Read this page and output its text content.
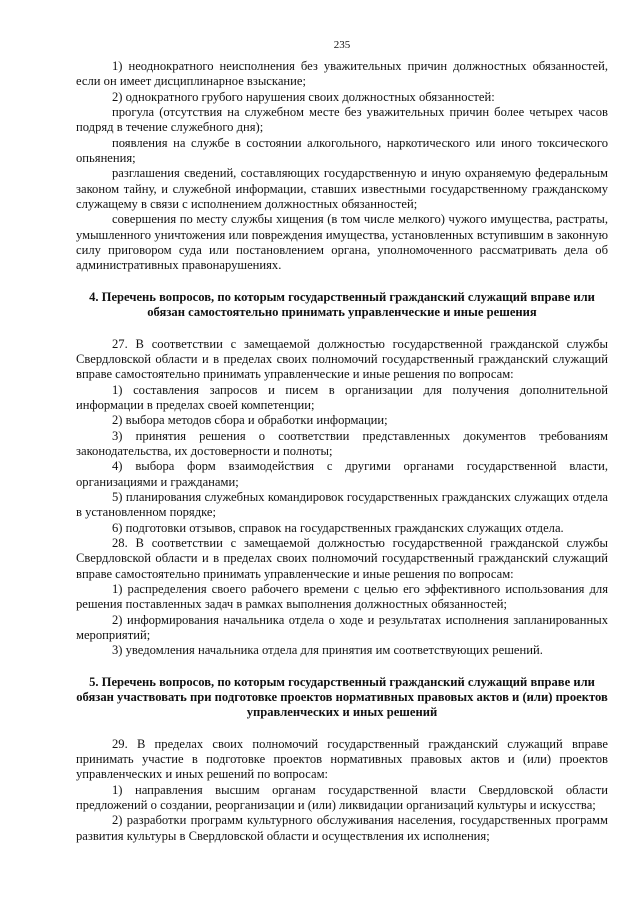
235

1) неоднократного неисполнения без уважительных причин должностных обязанностей, если он имеет дисциплинарное взыскание;

2) однократного грубого нарушения своих должностных обязанностей:

прогула (отсутствия на служебном месте без уважительных причин более четырех часов подряд в течение служебного дня);

появления на службе в состоянии алкогольного, наркотического или иного токсического опьянения;

разглашения сведений, составляющих государственную и иную охраняемую федеральным законом тайну, и служебной информации, ставших известными государственному гражданскому служащему в связи с исполнением должностных обязанностей;

совершения по месту службы хищения (в том числе мелкого) чужого имущества, растраты, умышленного уничтожения или повреждения имущества, установленных вступившим в законную силу приговором суда или постановлением органа, уполномоченного рассматривать дела об административных правонарушениях.

4. Перечень вопросов, по которым государственный гражданский служащий вправе или обязан самостоятельно принимать управленческие и иные решения

27. В соответствии с замещаемой должностью государственной гражданской службы Свердловской области и в пределах своих полномочий государственный гражданский служащий вправе самостоятельно принимать управленческие и иные решения по вопросам:

1) составления запросов и писем в организации для получения дополнительной информации в пределах своей компетенции;

2) выбора методов сбора и обработки информации;

3) принятия решения о соответствии представленных документов требованиям законодательства, их достоверности и полноты;

4) выбора форм взаимодействия с другими органами государственной власти, организациями и гражданами;

5) планирования служебных командировок государственных гражданских служащих отдела в установленном порядке;

6) подготовки отзывов, справок на государственных гражданских служащих отдела.

28. В соответствии с замещаемой должностью государственной гражданской службы Свердловской области и в пределах своих полномочий государственный гражданский служащий вправе самостоятельно принимать управленческие и иные решения по вопросам:

1) распределения своего рабочего времени с целью его эффективного использования для решения поставленных задач в рамках выполнения должностных обязанностей;

2) информирования начальника отдела о ходе и результатах исполнения запланированных мероприятий;

3) уведомления начальника отдела для принятия им соответствующих решений.

5. Перечень вопросов, по которым государственный гражданский служащий вправе или обязан участвовать при подготовке проектов нормативных правовых актов и (или) проектов управленческих и иных решений

29. В пределах своих полномочий государственный гражданский служащий вправе принимать участие в подготовке проектов нормативных правовых актов и (или) проектов управленческих и иных решений по вопросам:

1) направления высшим органам государственной власти Свердловской области предложений о создании, реорганизации и (или) ликвидации организаций культуры и искусства;

2) разработки программ культурного обслуживания населения, государственных программ развития культуры в Свердловской области и осуществления их исполнения;
